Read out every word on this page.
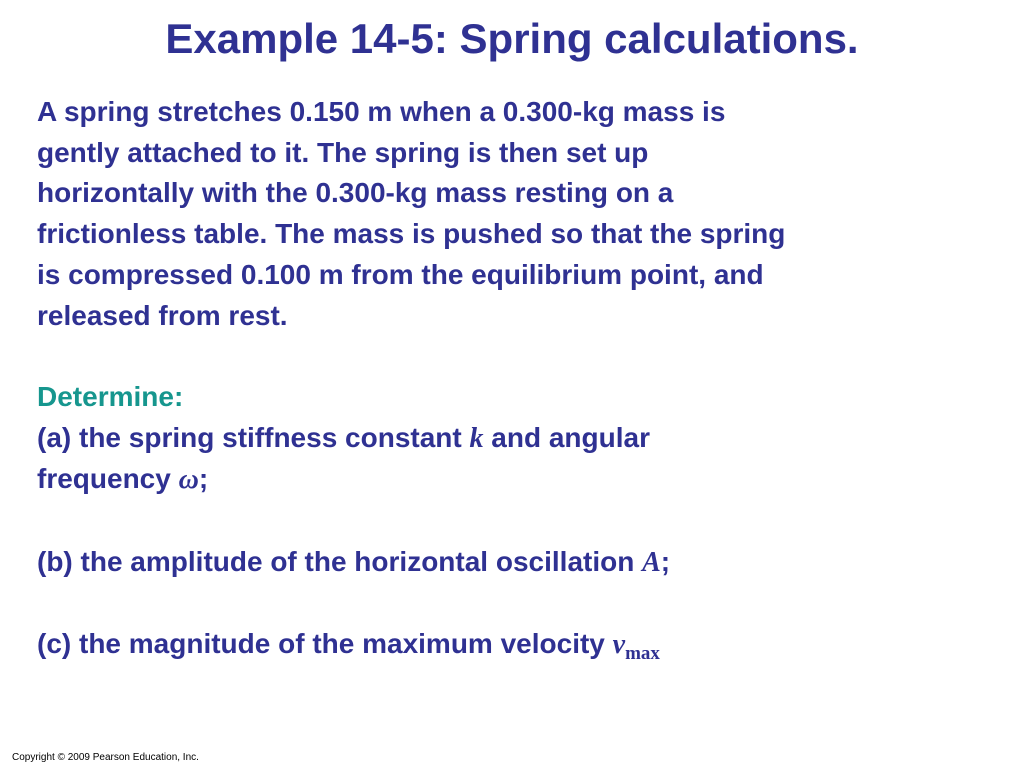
Example 14-5: Spring calculations.

A spring stretches 0.150 m when a 0.300-kg mass is
gently attached to it. The spring is then set up
horizontally with the 0.300-kg mass resting on a
frictionless table. The mass is pushed so that the spring
is compressed 0.100 m from the equilibrium point, and
released from rest.

Determine:

(a) the spring stiffness constant k and angular
frequency ω;

(b) the amplitude of the horizontal oscillation A;

(c) the magnitude of the maximum velocity $v_{max}$

Copyright © 2009 Pearson Education, Inc.
